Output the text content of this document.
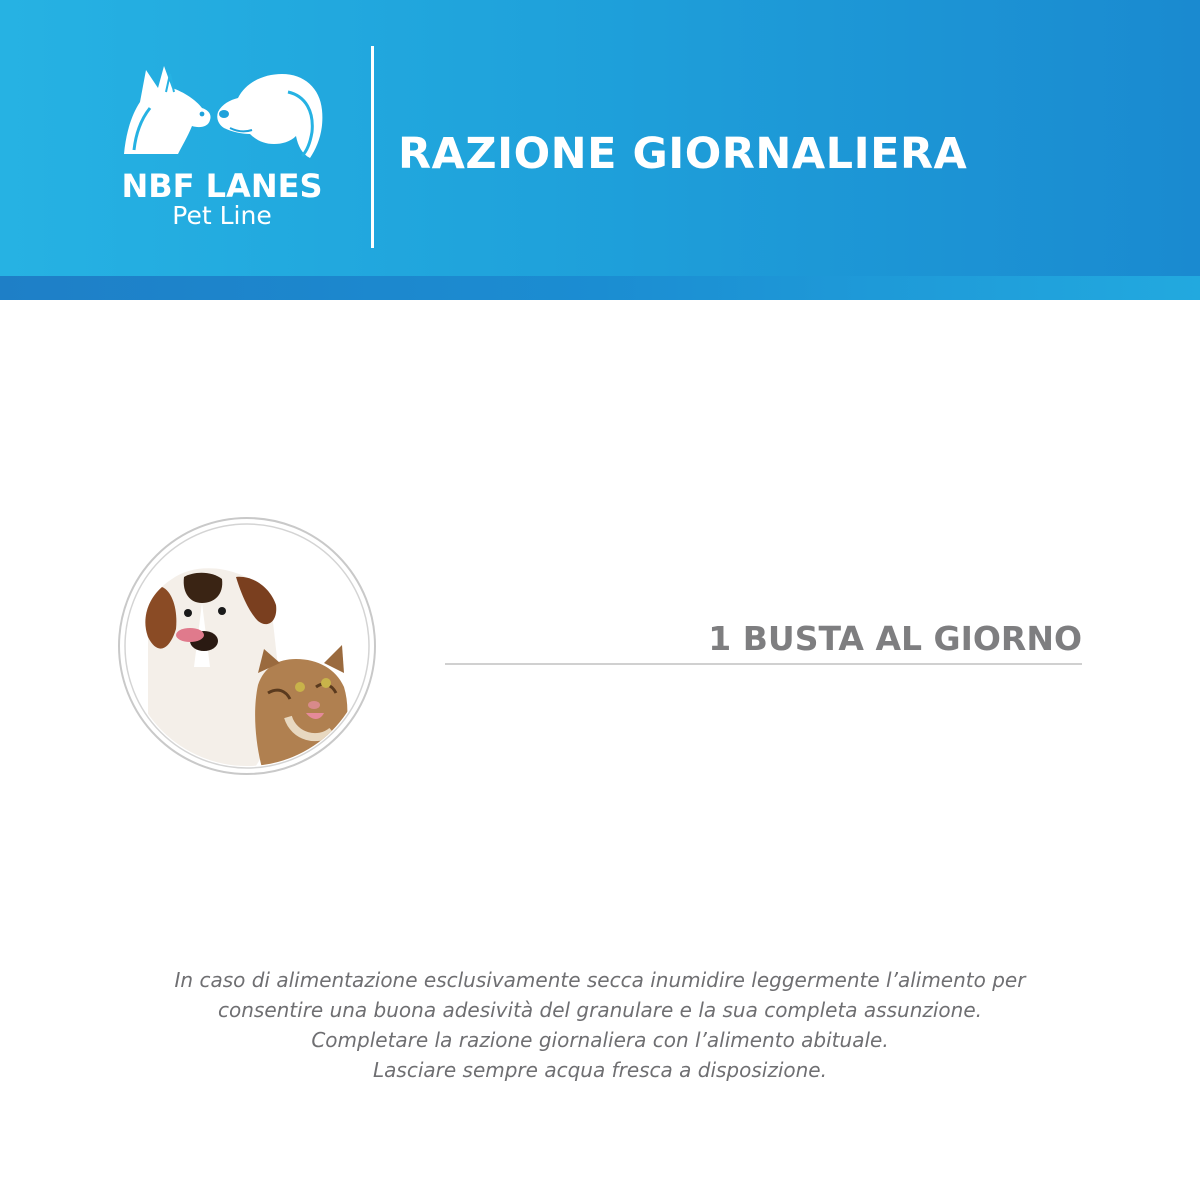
NBF LANES
Pet Line
RAZIONE GIORNALIERA
1 BUSTA AL GIORNO
In caso di alimentazione esclusivamente secca inumidire leggermente l’alimento per
consentire una buona adesività del granulare e la sua completa assunzione.
Completare la razione giornaliera con l’alimento abituale.
Lasciare sempre acqua fresca a disposizione.
